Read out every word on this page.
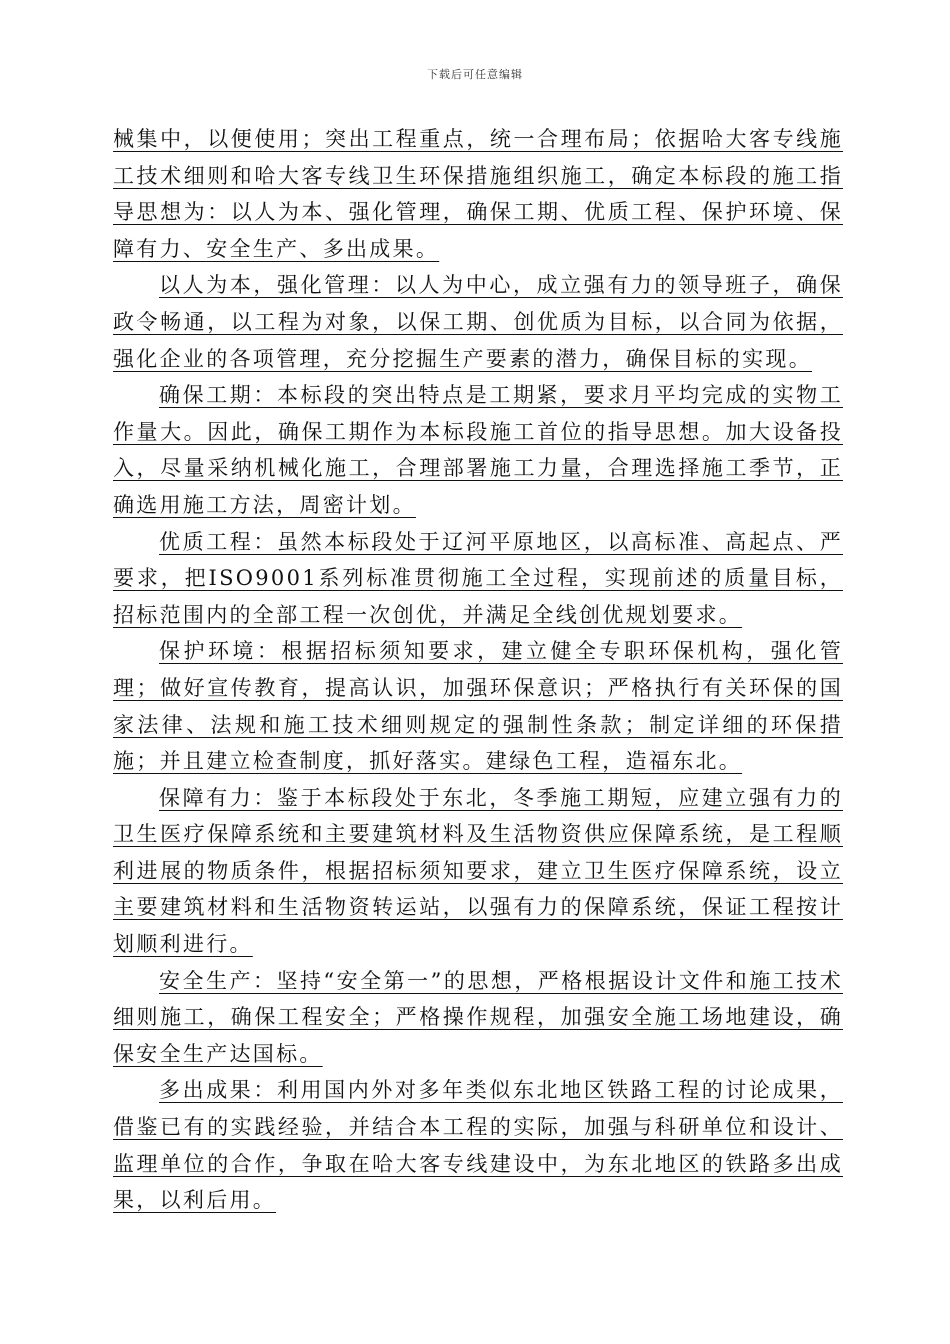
下载后可任意编辑

械集中，以便使用；突出工程重点，统一合理布局；依据哈大客专线施工技术细则和哈大客专线卫生环保措施组织施工，确定本标段的施工指导思想为：以人为本、强化管理，确保工期、优质工程、保护环境、保障有力、安全生产、多出成果。

以人为本，强化管理：以人为中心，成立强有力的领导班子，确保政令畅通，以工程为对象，以保工期、创优质为目标，以合同为依据，强化企业的各项管理，充分挖掘生产要素的潜力，确保目标的实现。

确保工期：本标段的突出特点是工期紧，要求月平均完成的实物工作量大。因此，确保工期作为本标段施工首位的指导思想。加大设备投入，尽量采纳机械化施工，合理部署施工力量，合理选择施工季节，正确选用施工方法，周密计划。

优质工程：虽然本标段处于辽河平原地区，以高标准、高起点、严要求，把ISO9001系列标准贯彻施工全过程，实现前述的质量目标，招标范围内的全部工程一次创优，并满足全线创优规划要求。

保护环境：根据招标须知要求，建立健全专职环保机构，强化管理；做好宣传教育，提高认识，加强环保意识；严格执行有关环保的国家法律、法规和施工技术细则规定的强制性条款；制定详细的环保措施；并且建立检查制度，抓好落实。建绿色工程，造福东北。

保障有力：鉴于本标段处于东北，冬季施工期短，应建立强有力的卫生医疗保障系统和主要建筑材料及生活物资供应保障系统，是工程顺利进展的物质条件，根据招标须知要求，建立卫生医疗保障系统，设立主要建筑材料和生活物资转运站，以强有力的保障系统，保证工程按计划顺利进行。

安全生产：坚持“安全第一”的思想，严格根据设计文件和施工技术细则施工，确保工程安全；严格操作规程，加强安全施工场地建设，确保安全生产达国标。

多出成果：利用国内外对多年类似东北地区铁路工程的讨论成果，借鉴已有的实践经验，并结合本工程的实际，加强与科研单位和设计、监理单位的合作，争取在哈大客专线建设中，为东北地区的铁路多出成果，以利后用。
